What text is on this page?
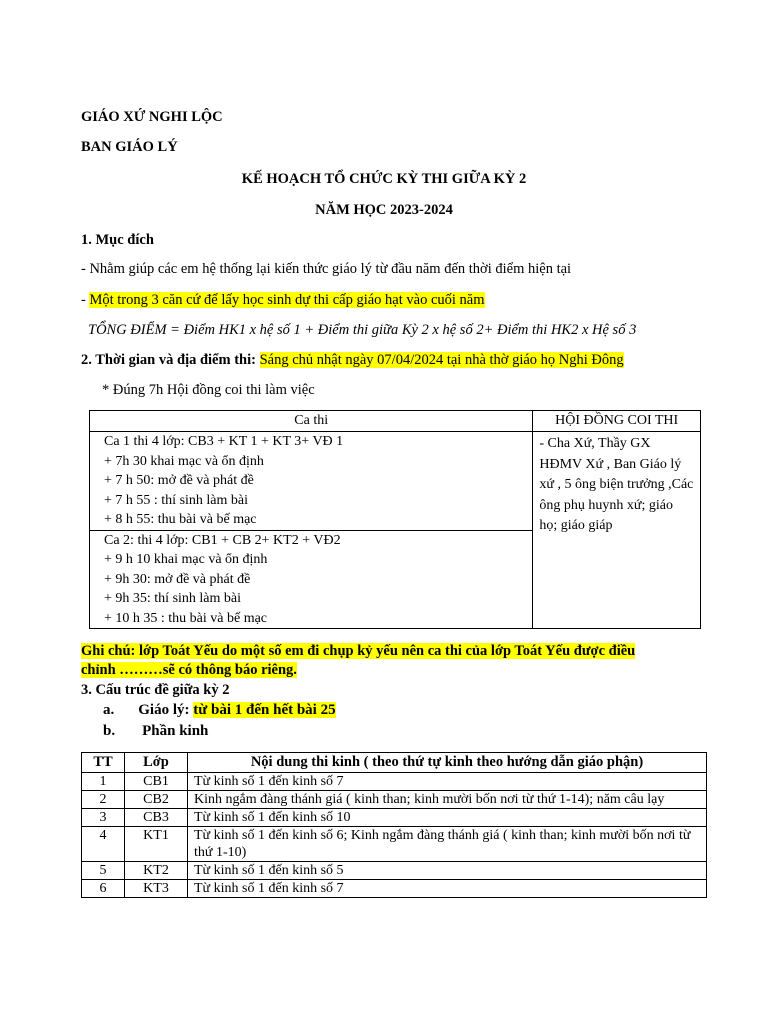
GIÁO XỨ NGHI LỘC
BAN GIÁO LÝ
KẾ HOẠCH TỔ CHỨC KỲ THI GIỮA KỲ 2
NĂM HỌC 2023-2024
1. Mục đích
- Nhằm giúp các em hệ thống lại kiến thức giáo lý từ đầu năm đến thời điểm hiện tại
- Một trong 3 căn cứ để lấy học sinh dự thi cấp giáo hạt vào cuối năm
TỔNG ĐIỂM = Điểm HK1 x hệ số 1 + Điểm thi giữa Kỳ 2 x hệ số 2+ Điểm thi HK2 x Hệ số 3
2. Thời gian và địa điểm thi: Sáng chủ nhật ngày 07/04/2024 tại nhà thờ giáo họ Nghi Đông
* Đúng 7h Hội đồng coi thi làm việc
Ca thi	HỘI ĐỒNG COI THI

Ca 1 thi 4 lớp: CB3 + KT 1 + KT 3+ VĐ 1
+ 7h 30 khai mạc và ổn định
+ 7 h 50: mở đề và phát đề
+ 7 h 55 : thí sinh làm bài
+ 8 h 55: thu bài và bế mạc	- Cha Xứ, Thầy GX HĐMV Xứ , Ban Giáo lý xứ , 5 ông biện trưởng ,Các ông phụ huynh xứ; giáo họ; giáo giáp

Ca 2: thi 4 lớp: CB1 + CB 2+ KT2 + VĐ2
+ 9 h 10 khai mạc và ổn định
+ 9h 30: mở đề và phát đề
+ 9h 35: thí sinh làm bài
+ 10 h 35 : thu bài và bế mạc	
Ghi chú: lớp Toát Yếu do một số em đi chụp kỷ yếu nên ca thi của lớp Toát Yếu được điều
chỉnh ………sẽ có thông báo riêng.
3. Cấu trúc đề giữa kỳ 2
a. Giáo lý: từ bài 1 đến hết bài 25
b. Phần kinh
TT	Lớp	Nội dung thi kinh ( theo thứ tự kinh theo hướng dẫn giáo phận)
1	CB1	Từ kinh số 1 đến kinh số 7
2	CB2	Kinh ngắm đàng thánh giá ( kinh than; kinh mười bốn nơi từ thứ 1-14); năm câu lạy
3	CB3	Từ kinh số 1 đến kinh số 10
4	KT1	Từ kinh số 1 đến kinh số 6; Kinh ngắm đàng thánh giá ( kinh than; kinh mười bốn nơi từ thứ 1-10)
5	KT2	Từ kinh số 1 đến kinh số 5
6	KT3	Từ kinh số 1 đến kinh số 7
